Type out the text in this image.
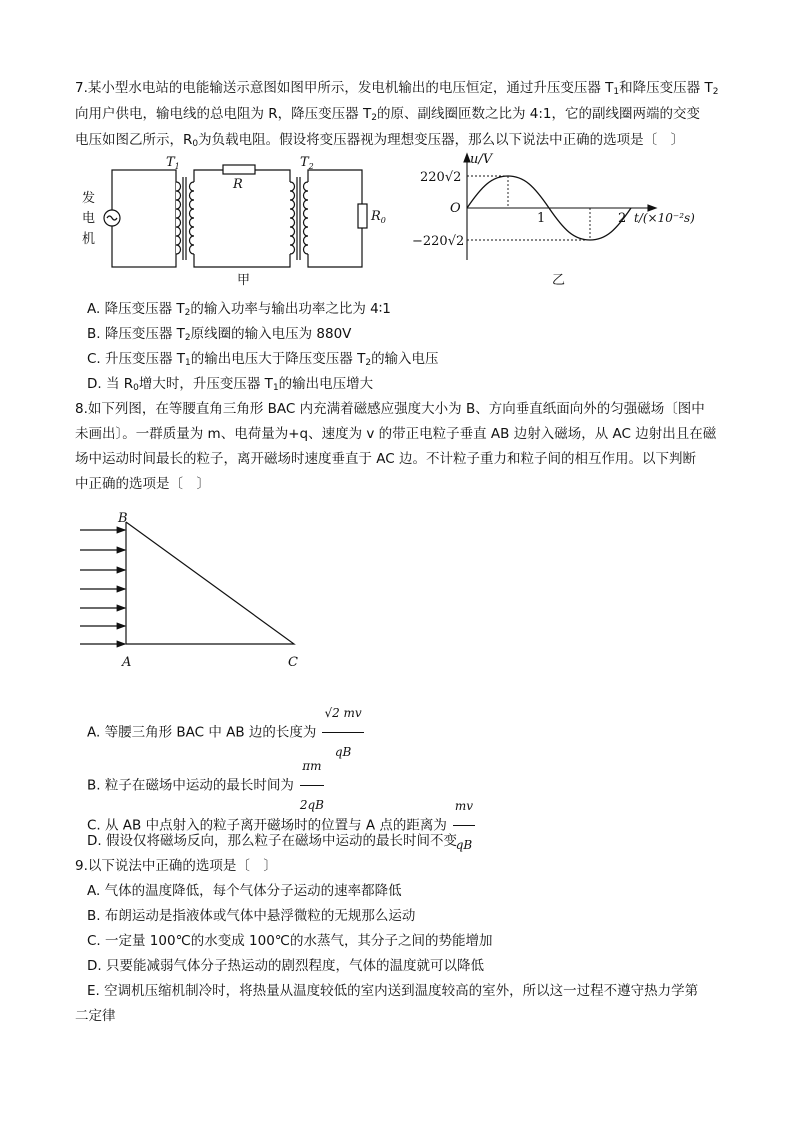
7.某小型水电站的电能输送示意图如图甲所示，发电机输出的电压恒定，通过升压变压器 $T_1$和降压变压器 $T_2$
向用户供电，输电线的总电阻为 R，降压变压器 $T_2$的原、副线圈匝数之比为 4:1，它的副线圈两端的交变
电压如图乙所示，$R_0$为负载电阻。假设将变压器视为理想变压器，那么以下说法中正确的选项是〔　〕
发
电
机
$T_1$
R
$T_2$
$R_0$
甲
u/V
220√2
O
−220√2
1	2 t/(×10⁻²s)
乙
A. 降压变压器 $T_2$的输入功率与输出功率之比为 4∶1
B. 降压变压器 $T_2$原线圈的输入电压为 880V
C. 升压变压器 $T_1$的输出电压大于降压变压器 $T_2$的输入电压
D. 当 $R_0$增大时，升压变压器 $T_1$的输出电压增大
8.如下列图，在等腰直角三角形 BAC 内充满着磁感应强度大小为 B、方向垂直纸面向外的匀强磁场〔图中
未画出〕。一群质量为 m、电荷量为+q、速度为 v 的带正电粒子垂直 AB 边射入磁场，从 AC 边射出且在磁
场中运动时间最长的粒子，离开磁场时速度垂直于 AC 边。不计粒子重力和粒子间的相互作用。以下判断
中正确的选项是〔　〕
B
A	C
A. 等腰三角形 BAC 中 AB 边的长度为 $\frac{√2 mv}{qB}$
B. 粒子在磁场中运动的最长时间为 $\frac{\pi m}{2qB}$
C. 从 AB 中点射入的粒子离开磁场时的位置与 A 点的距离为 $\frac{mv}{qB}$
D. 假设仅将磁场反向，那么粒子在磁场中运动的最长时间不变
9.以下说法中正确的选项是〔　〕
A. 气体的温度降低，每个气体分子运动的速率都降低
B. 布朗运动是指液体或气体中悬浮微粒的无规那么运动
C. 一定量 100℃的水变成 100℃的水蒸气，其分子之间的势能增加
D. 只要能减弱气体分子热运动的剧烈程度，气体的温度就可以降低
E. 空调机压缩机制冷时，将热量从温度较低的室内送到温度较高的室外，所以这一过程不遵守热力学第
二定律
